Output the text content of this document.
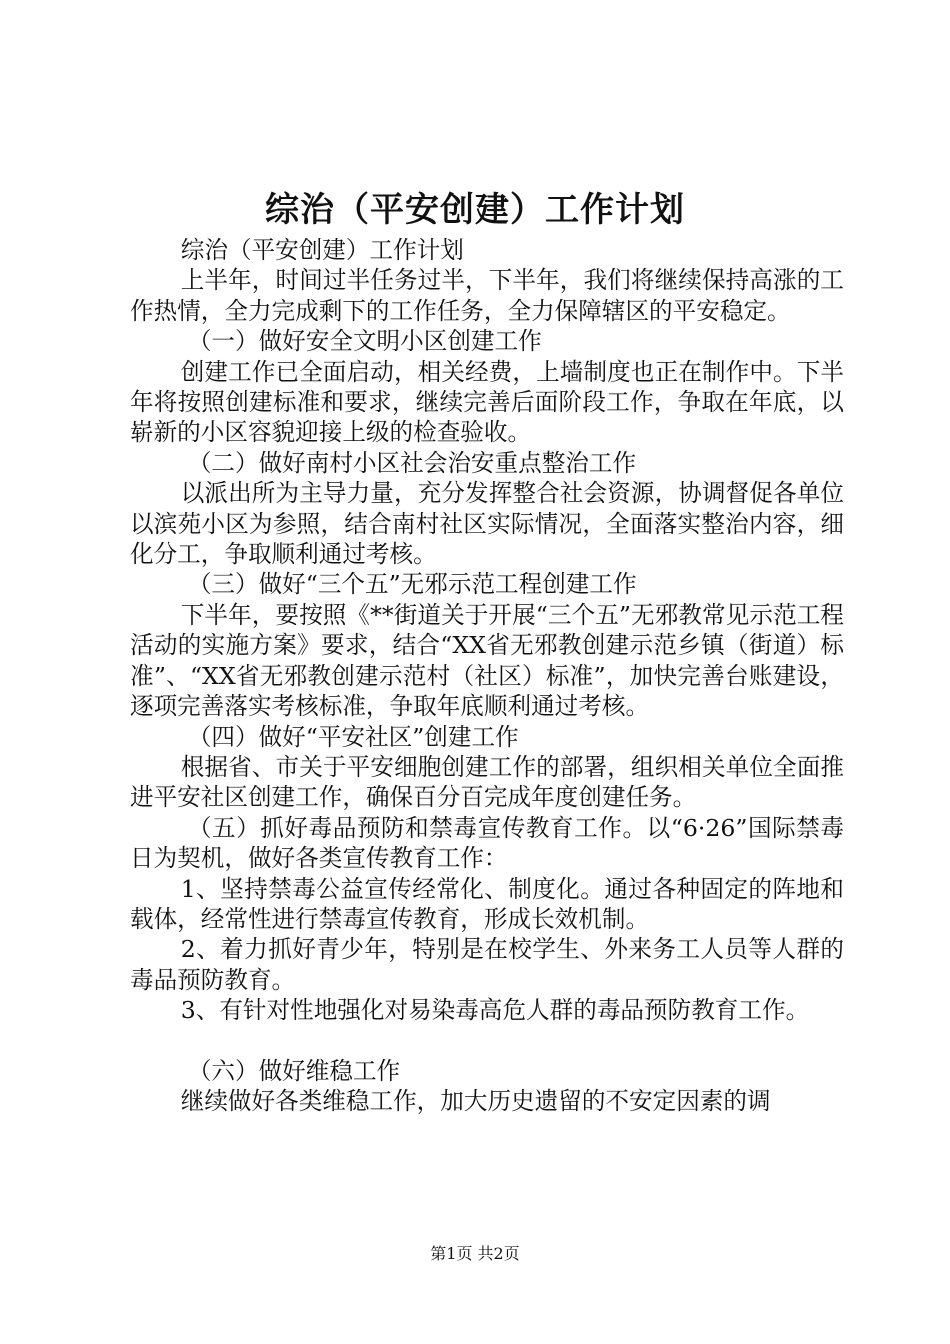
综治（平安创建）工作计划

综治（平安创建）工作计划

上半年，时间过半任务过半，下半年，我们将继续保持高涨的工作热情，全力完成剩下的工作任务，全力保障辖区的平安稳定。

（一）做好安全文明小区创建工作

创建工作已全面启动，相关经费，上墙制度也正在制作中。下半年将按照创建标准和要求，继续完善后面阶段工作，争取在年底，以崭新的小区容貌迎接上级的检查验收。

（二）做好南村小区社会治安重点整治工作

以派出所为主导力量，充分发挥整合社会资源，协调督促各单位以滨苑小区为参照，结合南村社区实际情况，全面落实整治内容，细化分工，争取顺利通过考核。

（三）做好“三个五”无邪示范工程创建工作

下半年，要按照《**街道关于开展“三个五”无邪教常见示范工程活动的实施方案》要求，结合“XX省无邪教创建示范乡镇（街道）标准”、“XX省无邪教创建示范村（社区）标准”，加快完善台账建设，逐项完善落实考核标准，争取年底顺利通过考核。

（四）做好“平安社区”创建工作

根据省、市关于平安细胞创建工作的部署，组织相关单位全面推进平安社区创建工作，确保百分百完成年度创建任务。

（五）抓好毒品预防和禁毒宣传教育工作。以“6·26”国际禁毒日为契机，做好各类宣传教育工作：

1、坚持禁毒公益宣传经常化、制度化。通过各种固定的阵地和载体，经常性进行禁毒宣传教育，形成长效机制。

2、着力抓好青少年，特别是在校学生、外来务工人员等人群的毒品预防教育。

3、有针对性地强化对易染毒高危人群的毒品预防教育工作。

（六）做好维稳工作

继续做好各类维稳工作，加大历史遗留的不安定因素的调

第1页 共2页
